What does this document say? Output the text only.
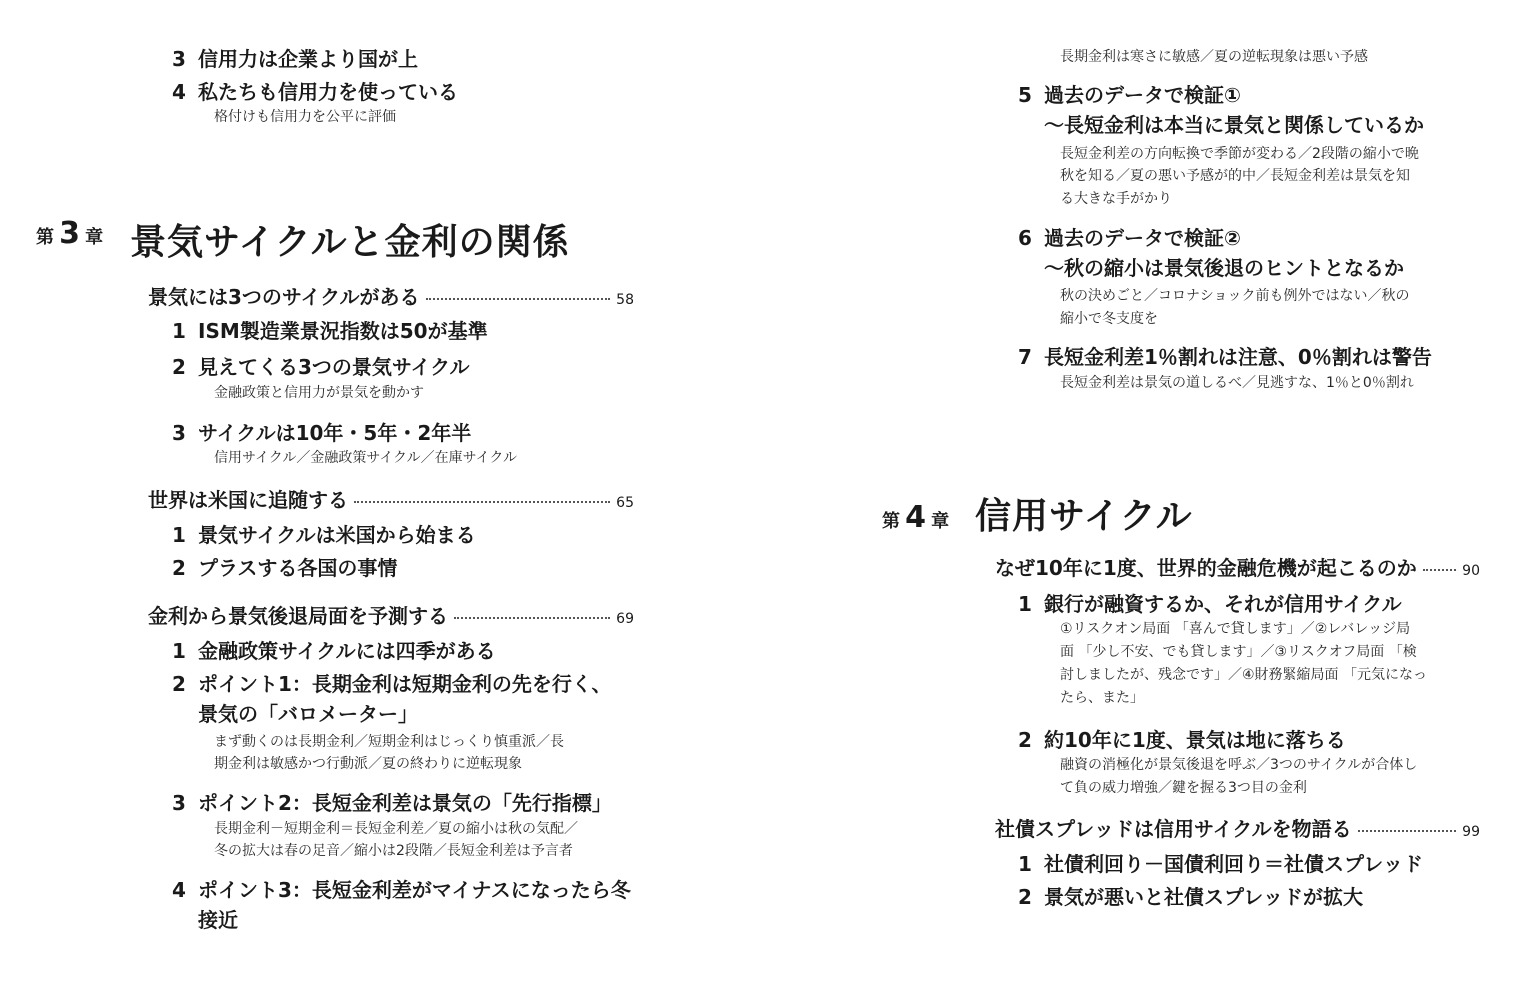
3 信用力は企業より国が上
4 私たちも信用力を使っている
格付けも信用力を公平に評価
第 3 章 景気サイクルと金利の関係
景気には3つのサイクルがある	58
1 ISM製造業景況指数は50が基準
2 見えてくる3つの景気サイクル
金融政策と信用力が景気を動かす
3 サイクルは10年・5年・2年半
信用サイクル／金融政策サイクル／在庫サイクル
世界は米国に追随する	65
1 景気サイクルは米国から始まる
2 プラスする各国の事情
金利から景気後退局面を予測する	69
1 金融政策サイクルには四季がある
2 ポイント1：長期金利は短期金利の先を行く、
景気の「バロメーター」
まず動くのは長期金利／短期金利はじっくり慎重派／長
期金利は敏感かつ行動派／夏の終わりに逆転現象
3 ポイント2：長短金利差は景気の「先行指標」
長期金利－短期金利＝長短金利差／夏の縮小は秋の気配／
冬の拡大は春の足音／縮小は2段階／長短金利差は予言者
4 ポイント3：長短金利差がマイナスになったら冬
接近
長期金利は寒さに敏感／夏の逆転現象は悪い予感
5 過去のデータで検証①
～長短金利は本当に景気と関係しているか
長短金利差の方向転換で季節が変わる／2段階の縮小で晩
秋を知る／夏の悪い予感が的中／長短金利差は景気を知
る大きな手がかり
6 過去のデータで検証②
～秋の縮小は景気後退のヒントとなるか
秋の決めごと／コロナショック前も例外ではない／秋の
縮小で冬支度を
7 長短金利差1％割れは注意、0％割れは警告
長短金利差は景気の道しるべ／見逃すな、1％と0％割れ
第 4 章 信用サイクル
なぜ10年に1度、世界的金融危機が起こるのか	90
1 銀行が融資するか、それが信用サイクル
①リスクオン局面 「喜んで貸します」／②レバレッジ局
面 「少し不安、でも貸します」／③リスクオフ局面 「検
討しましたが、残念です」／④財務緊縮局面 「元気になっ
たら、また」
2 約10年に1度、景気は地に落ちる
融資の消極化が景気後退を呼ぶ／3つのサイクルが合体し
て負の威力増強／鍵を握る3つ目の金利
社債スプレッドは信用サイクルを物語る	99
1 社債利回り－国債利回り＝社債スプレッド
2 景気が悪いと社債スプレッドが拡大
